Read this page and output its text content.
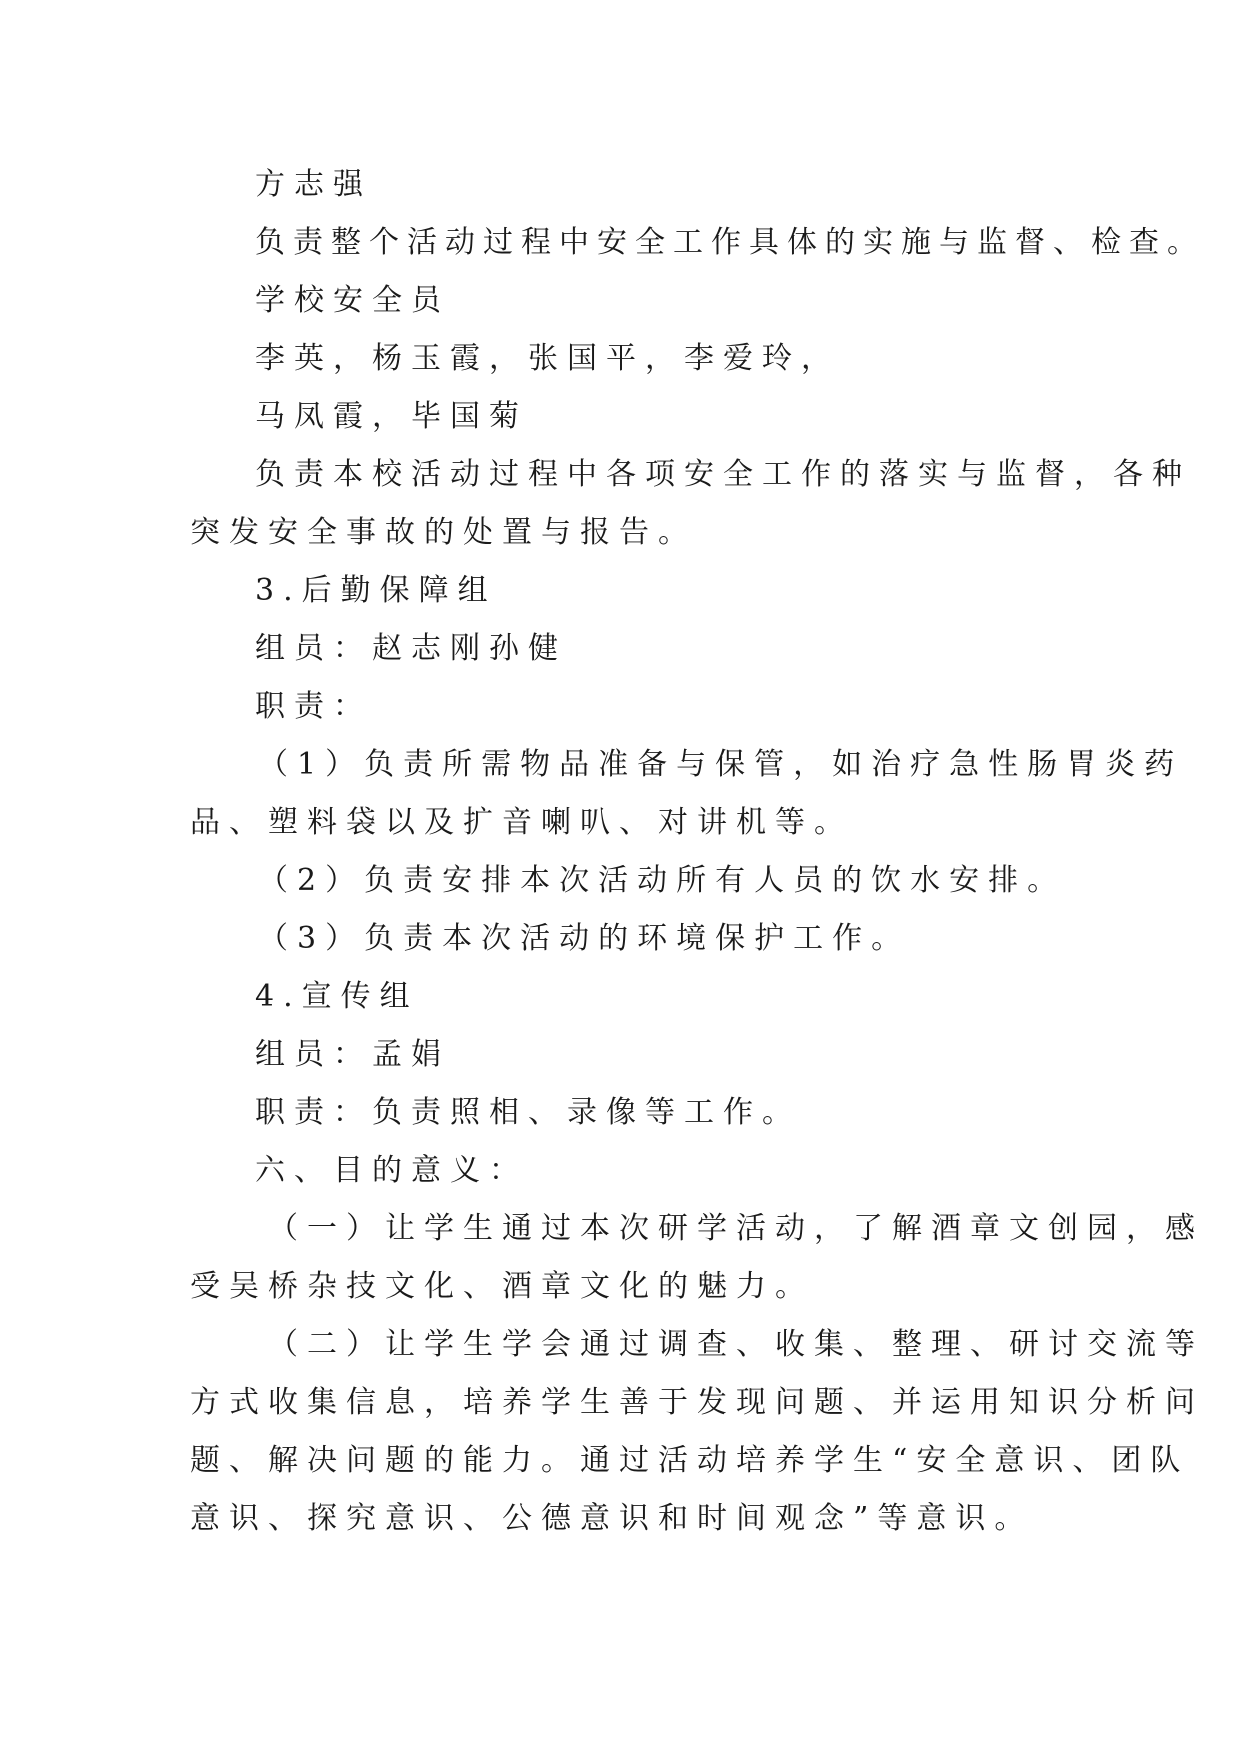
方志强
负责整个活动过程中安全工作具体的实施与监督、检查。
学校安全员
李英，杨玉霞，张国平，李爱玲，
马凤霞，毕国菊
负责本校活动过程中各项安全工作的落实与监督，各种
突发安全事故的处置与报告。
3.后勤保障组
组员：赵志刚孙健
职责：
（1）负责所需物品准备与保管，如治疗急性肠胃炎药
品、塑料袋以及扩音喇叭、对讲机等。
（2）负责安排本次活动所有人员的饮水安排。
（3）负责本次活动的环境保护工作。
4.宣传组
组员：孟娟
职责：负责照相、录像等工作。
六、目的意义：
（一）让学生通过本次研学活动，了解酒章文创园，感
受吴桥杂技文化、酒章文化的魅力。
（二）让学生学会通过调查、收集、整理、研讨交流等
方式收集信息，培养学生善于发现问题、并运用知识分析问
题、解决问题的能力。通过活动培养学生“安全意识、团队
意识、探究意识、公德意识和时间观念”等意识。
